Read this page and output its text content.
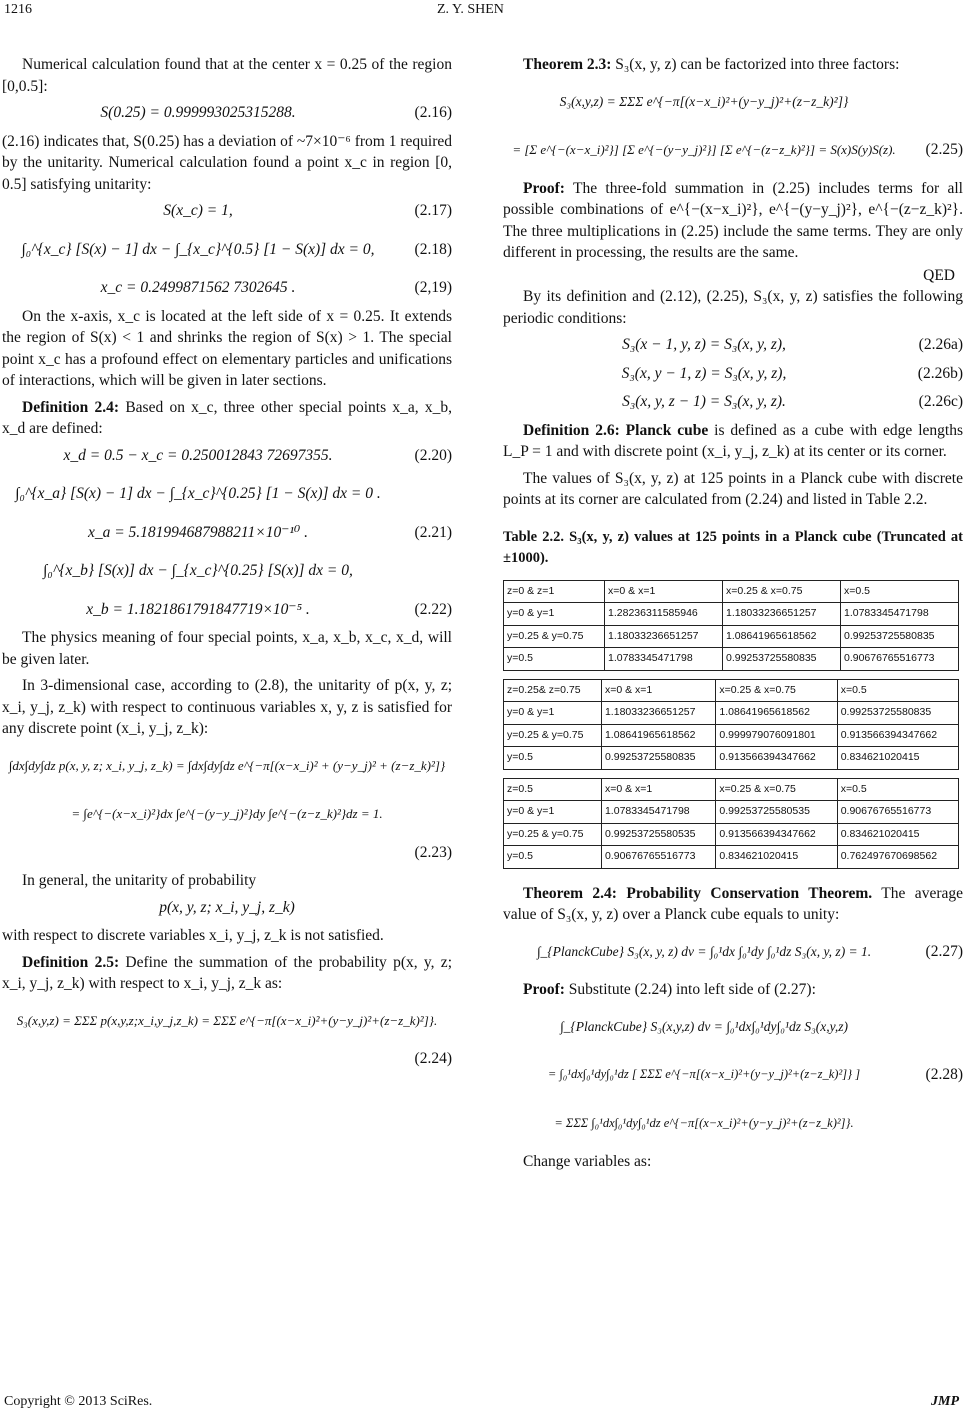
1216	Z. Y. SHEN

Numerical calculation found that at the center x = 0.25 of the region [0,0.5]:

S(0.25) = 0.999993025315288.	(2.16)

(2.16) indicates that, S(0.25) has a deviation of ~7×10⁻⁶ from 1 required by the unitarity. Numerical calculation found a point x_c in region [0, 0.5] satisfying unitarity:

S(x_c) = 1,	(2.17)
∫₀^{x_c} [S(x) − 1] dx − ∫_{x_c}^{0.5} [1 − S(x)] dx = 0,	(2.18)
x_c = 0.2499871562 7302645 .	(2,19)

On the x-axis, x_c is located at the left side of x = 0.25. It extends the region of S(x) < 1 and shrinks the region of S(x) > 1. The special point x_c has a profound effect on elementary particles and unifications of interactions, which will be given in later sections.

Definition 2.4: Based on x_c, three other special points x_a, x_b, x_d are defined:

x_d = 0.5 − x_c = 0.250012843 72697355.	(2.20)
∫₀^{x_a} [S(x) − 1] dx − ∫_{x_c}^{0.25} [1 − S(x)] dx = 0 .
x_a = 5.181994687988211×10⁻¹⁰ .	(2.21)
∫₀^{x_b} [S(x)] dx − ∫_{x_c}^{0.25} [S(x)] dx = 0,
x_b = 1.1821861791847719×10⁻⁵ .	(2.22)

The physics meaning of four special points, x_a, x_b, x_c, x_d, will be given later.

In 3-dimensional case, according to (2.8), the unitarity of p(x, y, z; x_i, y_j, z_k) with respect to continuous variables x, y, z is satisfied for any discrete point (x_i, y_j, z_k):

∫dx∫dy∫dz p(x, y, z; x_i, y_j, z_k) = ∫dx∫dy∫dz e^{−π[(x−x_i)² + (y−y_j)² + (z−z_k)²]}
= ∫e^{−(x−x_i)²}dx ∫e^{−(y−y_j)²}dy ∫e^{−(z−z_k)²}dz = 1.
(2.23)

In general, the unitarity of probability

p(x, y, z; x_i, y_j, z_k)

with respect to discrete variables x_i, y_j, z_k is not satisfied.

Definition 2.5: Define the summation of the probability p(x, y, z; x_i, y_j, z_k) with respect to x_i, y_j, z_k as:

S₃(x,y,z) = ΣΣΣ p(x,y,z;x_i,y_j,z_k) = ΣΣΣ e^{−π[(x−x_i)²+(y−y_j)²+(z−z_k)²]}.
(2.24)

Theorem 2.3: S₃(x, y, z) can be factorized into three factors:

S₃(x,y,z) = ΣΣΣ e^{−π[(x−x_i)²+(y−y_j)²+(z−z_k)²]}
= [Σ e^{−(x−x_i)²}] [Σ e^{−(y−y_j)²}] [Σ e^{−(z−z_k)²}] = S(x)S(y)S(z).	(2.25)

Proof: The three-fold summation in (2.25) includes terms for all possible combinations of e^{−(x−x_i)²}, e^{−(y−y_j)²}, e^{−(z−z_k)²}. The three multiplications in (2.25) include the same terms. They are only different in processing, the results are the same.

QED

By its definition and (2.12), (2.25), S₃(x, y, z) satisfies the following periodic conditions:

S₃(x − 1, y, z) = S₃(x, y, z),	(2.26a)
S₃(x, y − 1, z) = S₃(x, y, z),	(2.26b)
S₃(x, y, z − 1) = S₃(x, y, z).	(2.26c)

Definition 2.6: Planck cube is defined as a cube with edge lengths L_P = 1 and with discrete point (x_i, y_j, z_k) at its center or its corner.

The values of S₃(x, y, z) at 125 points in a Planck cube with discrete points at its corner are calculated from (2.24) and listed in Table 2.2.

Table 2.2. S₃(x, y, z) values at 125 points in a Planck cube (Truncated at ±1000).
z=0 & z=1	x=0 & x=1	x=0.25 & x=0.75	x=0.5
y=0 & y=1	1.28236311585946	1.18033236651257	1.0783345471798
y=0.25 & y=0.75	1.18033236651257	1.08641965618562	0.99253725580835
y=0.5	1.0783345471798	0.99253725580835	0.90676765516773
z=0.25& z=0.75	x=0 & x=1	x=0.25 & x=0.75	x=0.5
y=0 & y=1	1.18033236651257	1.08641965618562	0.99253725580835
y=0.25 & y=0.75	1.08641965618562	0.999979076091801	0.913566394347662
y=0.5	0.99253725580835	0.913566394347662	0.834621020415
z=0.5	x=0 & x=1	x=0.25 & x=0.75	x=0.5
y=0 & y=1	1.0783345471798	0.99253725580535	0.90676765516773
y=0.25 & y=0.75	0.99253725580535	0.913566394347662	0.834621020415
y=0.5	0.90676765516773	0.834621020415	0.762497670698562

Theorem 2.4: Probability Conservation Theorem. The average value of S₃(x, y, z) over a Planck cube equals to unity:

∫_{PlanckCube} S₃(x, y, z) dv = ∫₀¹dx ∫₀¹dy ∫₀¹dz S₃(x, y, z) = 1.	(2.27)

Proof: Substitute (2.24) into left side of (2.27):

∫_{PlanckCube} S₃(x,y,z) dv = ∫₀¹dx∫₀¹dy∫₀¹dz S₃(x,y,z)
= ∫₀¹dx∫₀¹dy∫₀¹dz [ ΣΣΣ e^{−π[(x−x_i)²+(y−y_j)²+(z−z_k)²]} ]	(2.28)
= ΣΣΣ ∫₀¹dx∫₀¹dy∫₀¹dz e^{−π[(x−x_i)²+(y−y_j)²+(z−z_k)²]}.

Change variables as:

Copyright © 2013 SciRes.	JMP
